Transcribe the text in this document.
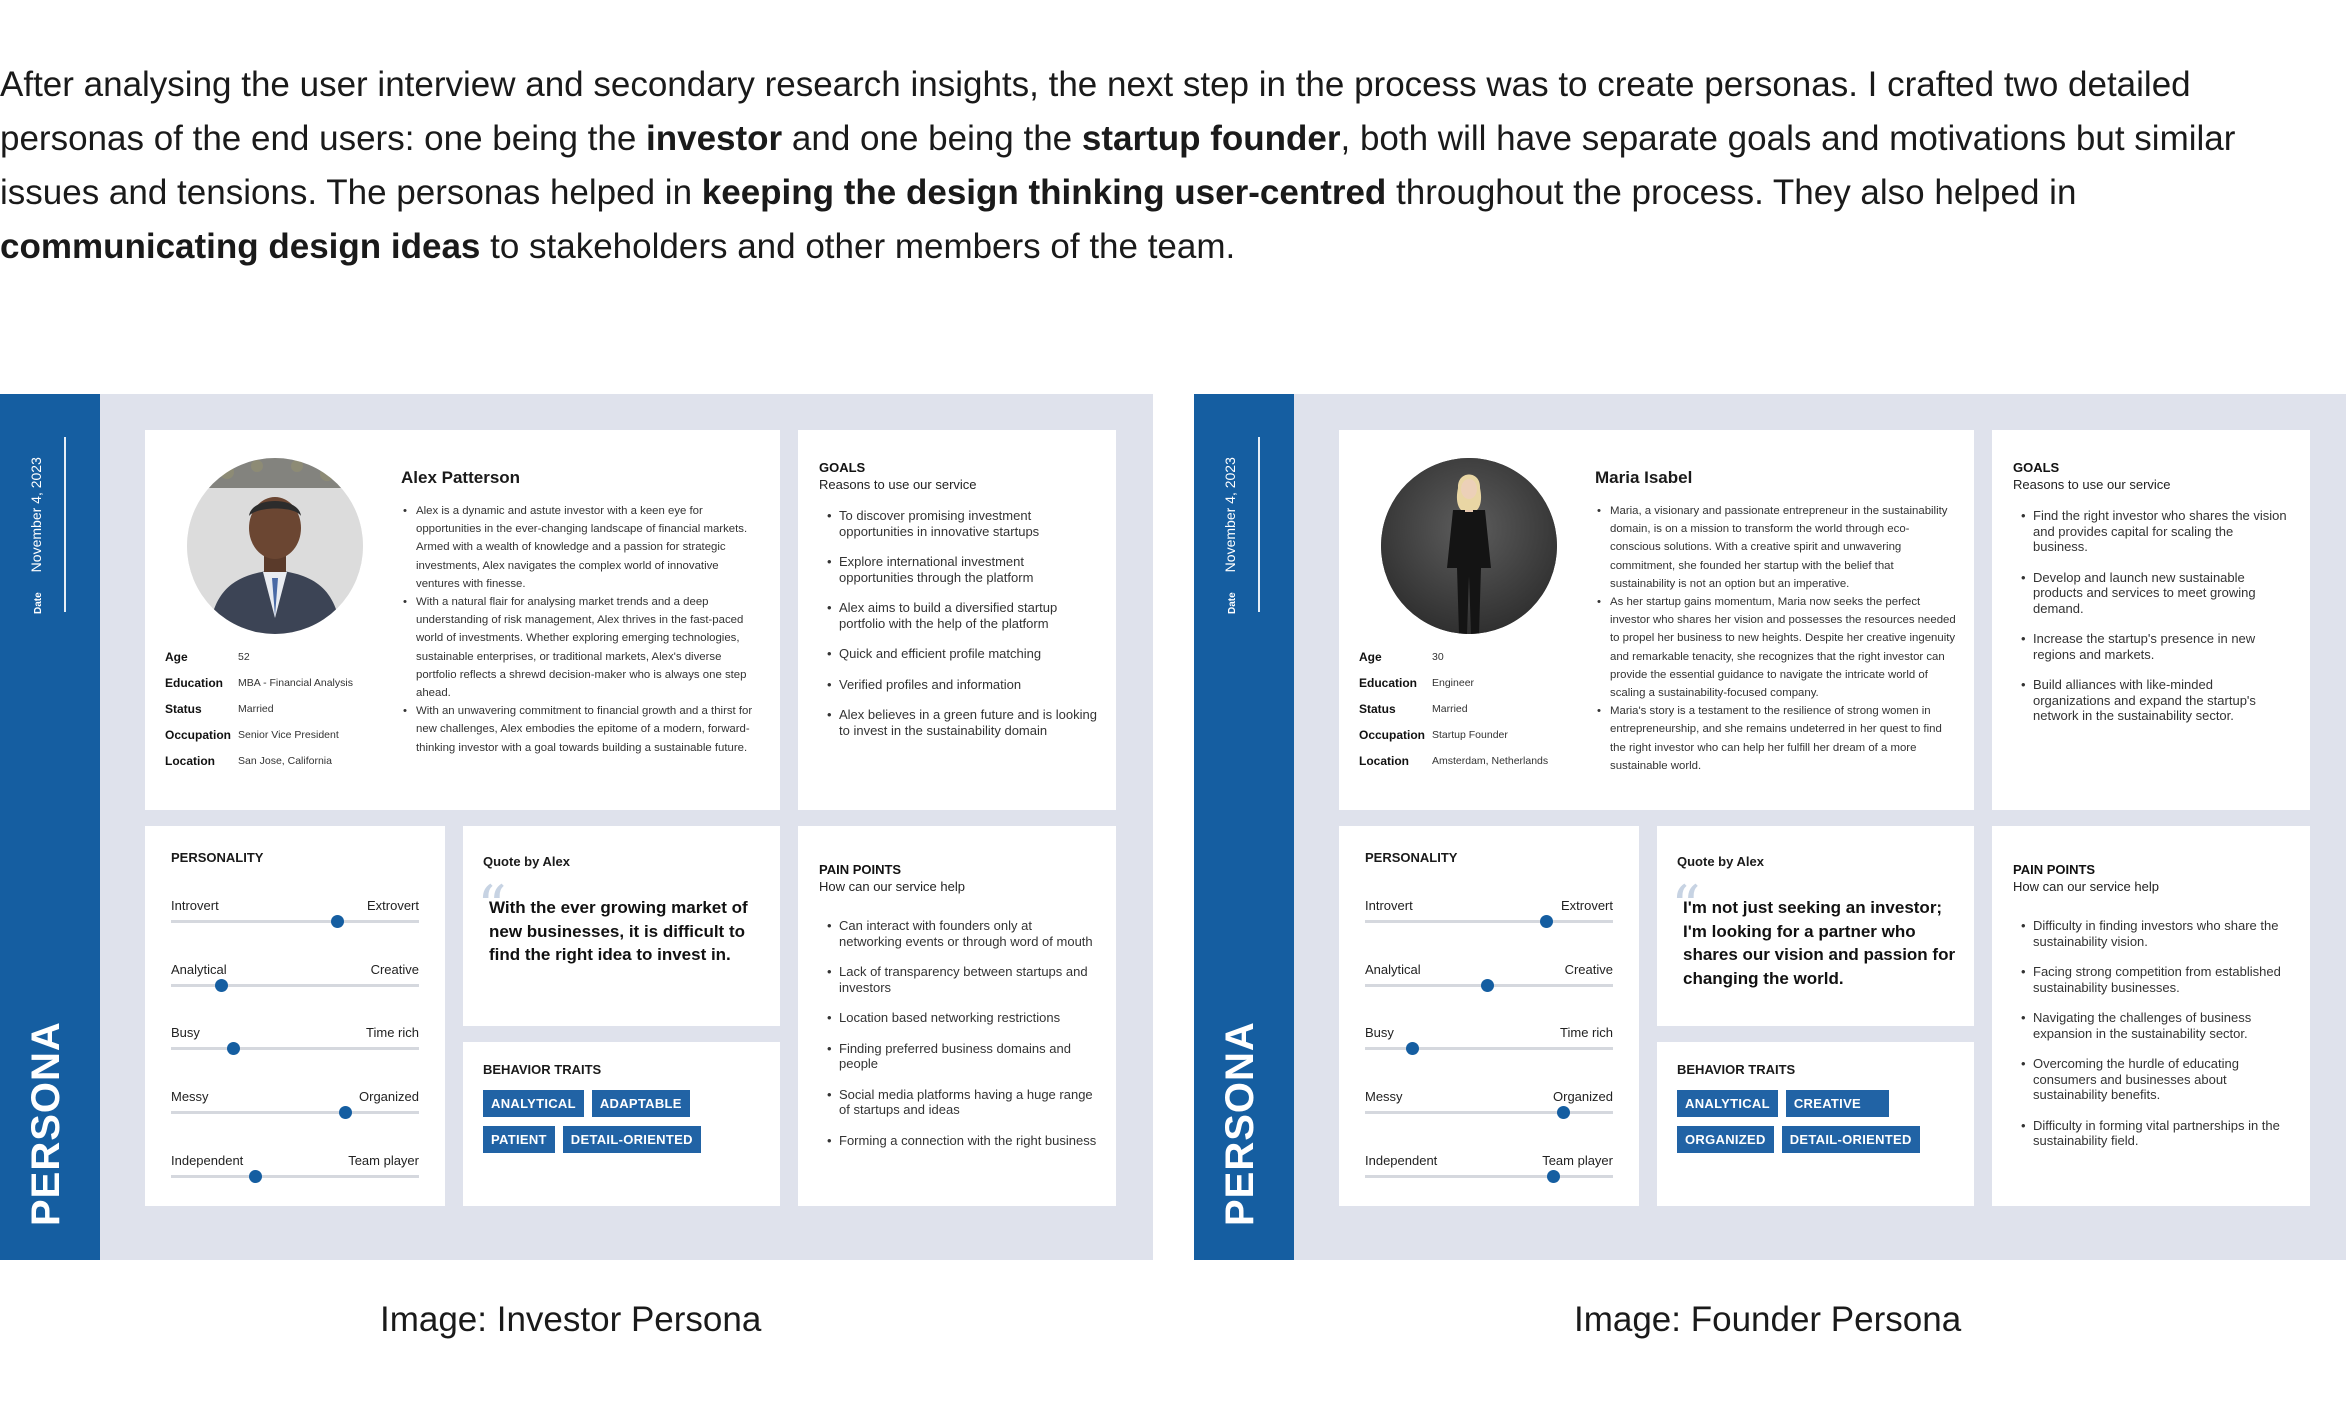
After analysing the user interview and secondary research insights, the next step in the process was to create personas. I crafted two detailed personas of the end users: one being the investor and one being the startup founder, both will have separate goals and motivations but similar issues and tensions. The personas helped in keeping the design thinking user-centred throughout the process. They also helped in communicating design ideas to stakeholders and other members of the team.

DateNovember 4, 2023
PERSONA
Alex Patterson
• Alex is a dynamic and astute investor with a keen eye for opportunities in the ever-changing landscape of financial markets. Armed with a wealth of knowledge and a passion for strategic investments, Alex navigates the complex world of innovative ventures with finesse.
• With a natural flair for analysing market trends and a deep understanding of risk management, Alex thrives in the fast-paced world of investments. Whether exploring emerging technologies, sustainable enterprises, or traditional markets, Alex's diverse portfolio reflects a shrewd decision-maker who is always one step ahead.
• With an unwavering commitment to financial growth and a thirst for new challenges, Alex embodies the epitome of a modern, forward-thinking investor with a goal towards building a sustainable future.
Age	52
Education MBA - Financial Analysis
Status	Married
Occupation Senior Vice President
Location San Jose, California
GOALS
Reasons to use our service
• To discover promising investment opportunities in innovative startups
• Explore international investment opportunities through the platform
• Alex aims to build a diversified startup portfolio with the help of the platform
• Quick and efficient profile matching
• Verified profiles and information
• Alex believes in a green future and is looking to invest in the sustainability domain
PERSONALITY
Introvert	Extrovert
Analytical	Creative
Busy	Time rich
Messy	Organized
Independent	Team player
Quote by Alex
“
With the ever growing market of new businesses, it is difficult to find the right idea to invest in.
BEHAVIOR TRAITS
ANALYTICAL ADAPTABLE
PATIENT DETAIL-ORIENTED
PAIN POINTS
How can our service help
• Can interact with founders only at networking events or through word of mouth
• Lack of transparency between startups and investors
• Location based networking restrictions
• Finding preferred business domains and people
• Social media platforms having a huge range of startups and ideas
• Forming a connection with the right business
DateNovember 4, 2023
PERSONA
Maria Isabel
• Maria, a visionary and passionate entrepreneur in the sustainability domain, is on a mission to transform the world through eco-conscious solutions. With a creative spirit and unwavering commitment, she founded her startup with the belief that sustainability is not an option but an imperative.
• As her startup gains momentum, Maria now seeks the perfect investor who shares her vision and possesses the resources needed to propel her business to new heights. Despite her creative ingenuity and remarkable tenacity, she recognizes that the right investor can provide the essential guidance to navigate the intricate world of scaling a sustainability-focused company.
• Maria's story is a testament to the resilience of strong women in entrepreneurship, and she remains undeterred in her quest to find the right investor who can help her fulfill her dream of a more sustainable world.
Age	30
Education Engineer
Status	Married
Occupation Startup Founder
Location Amsterdam, Netherlands
GOALS
Reasons to use our service
• Find the right investor who shares the vision and provides capital for scaling the business.
• Develop and launch new sustainable products and services to meet growing demand.
• Increase the startup's presence in new regions and markets.
• Build alliances with like-minded organizations and expand the startup's network in the sustainability sector.
PERSONALITY
Introvert	Extrovert
Analytical	Creative
Busy	Time rich
Messy	Organized
Independent	Team player
Quote by Alex
“
I'm not just seeking an investor; I'm looking for a partner who shares our vision and passion for changing the world.
BEHAVIOR TRAITS
ANALYTICAL CREATIVE
ORGANIZED DETAIL-ORIENTED
PAIN POINTS
How can our service help
• Difficulty in finding investors who share the sustainability vision.
• Facing strong competition from established sustainability businesses.
• Navigating the challenges of business expansion in the sustainability sector.
• Overcoming the hurdle of educating consumers and businesses about sustainability benefits.
• Difficulty in forming vital partnerships in the sustainability field.
Image: Investor Persona	Image: Founder Persona
